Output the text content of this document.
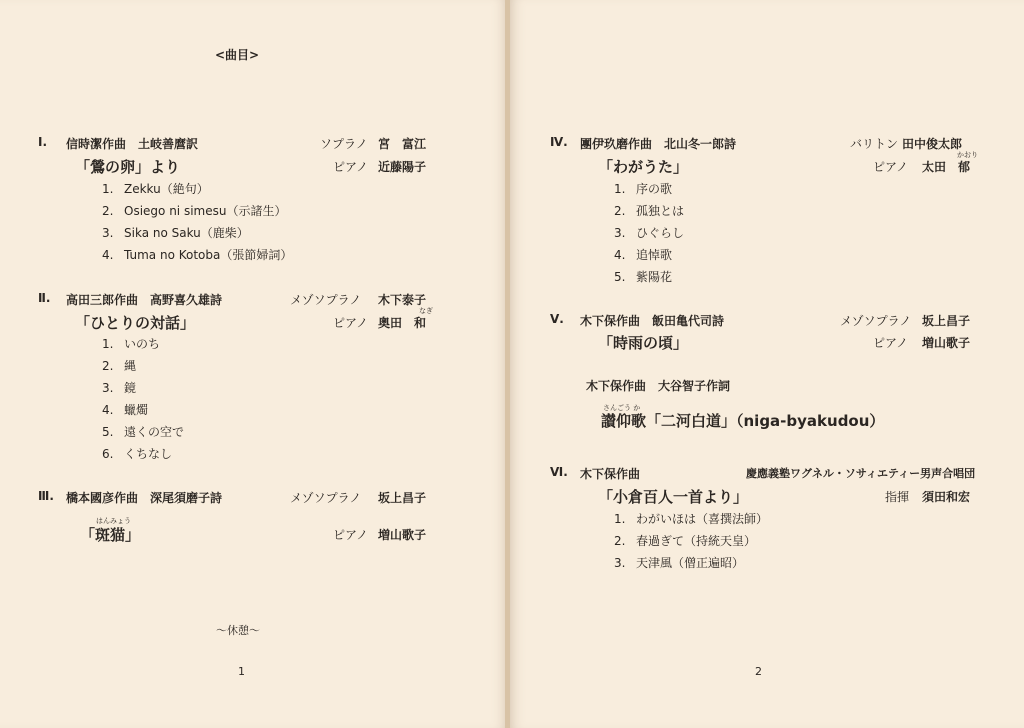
<曲目>
Ⅰ. 信時潔作曲　土岐善麿訳	ソプラノ 宮　富江
「鶯の卵」より	ピアノ 近藤陽子
1. Zekku（絶句）
2. Osiego ni simesu（示諸生）
3. Sika no Saku（鹿柴）
4. Tuma no Kotoba（張節婦詞）
Ⅱ. 高田三郎作曲　高野喜久雄詩	メゾソプラノ 木下泰子
なぎ
「ひとりの対話」	ピアノ 奥田　和
1. いのち
2. 縄
3. 鏡
4. 蠟燭
5. 遠くの空で
6. くちなし
Ⅲ. 橋本國彦作曲　深尾須磨子詩	メゾソプラノ 坂上昌子
はんみょう
「斑猫」	ピアノ 増山歌子
〜休憩〜
1
Ⅳ. 團伊玖磨作曲　北山冬一郎詩	バリトン 田中俊太郎
かおり
「わがうた」	ピアノ 太田　郁
1. 序の歌
2. 孤独とは
3. ひぐらし
4. 追悼歌
5. 紫陽花
Ⅴ. 木下保作曲　飯田亀代司詩	メゾソプラノ 坂上昌子
「時雨の頃」	ピアノ 増山歌子
木下保作曲　大谷智子作詞
さんごう か
讃仰歌「二河白道」（niga-byakudou）
Ⅵ. 木下保作曲	慶應義塾ワグネル・ソサィエティー男声合唱団
「小倉百人一首より」	指揮 須田和宏
1. わがいほは（喜撰法師）
2. 春過ぎて（持統天皇）
3. 天津風（僧正遍昭）
2
